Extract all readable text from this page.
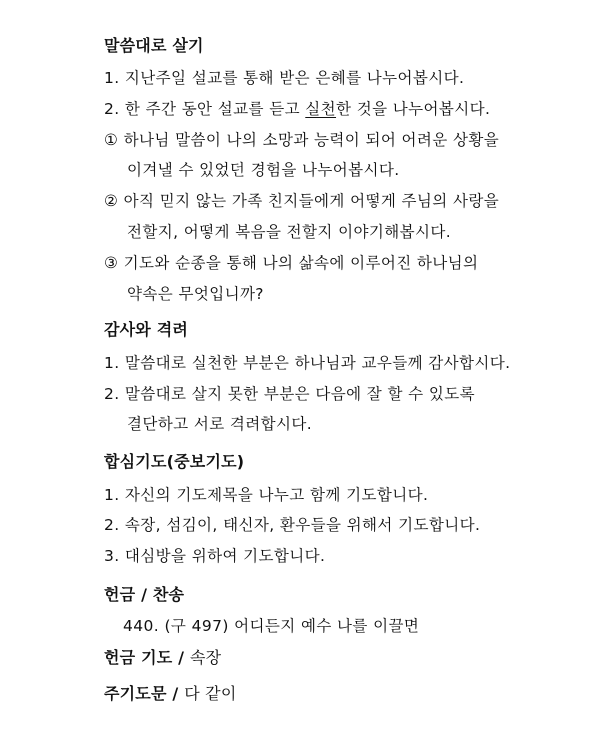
말씀대로 살기
1. 지난주일 설교를 통해 받은 은혜를 나누어봅시다.
2. 한 주간 동안 설교를 듣고 실천한 것을 나누어봅시다.
① 하나님 말씀이 나의 소망과 능력이 되어 어려운 상황을
이겨낼 수 있었던 경험을 나누어봅시다.
② 아직 믿지 않는 가족 친지들에게 어떻게 주님의 사랑을
전할지, 어떻게 복음을 전할지 이야기해봅시다.
③ 기도와 순종을 통해 나의 삶속에 이루어진 하나님의
약속은 무엇입니까?
감사와 격려
1. 말씀대로 실천한 부분은 하나님과 교우들께 감사합시다.
2. 말씀대로 살지 못한 부분은 다음에 잘 할 수 있도록
결단하고 서로 격려합시다.
합심기도(중보기도)
1. 자신의 기도제목을 나누고 함께 기도합니다.
2. 속장, 섬김이, 태신자, 환우들을 위해서 기도합니다.
3. 대심방을 위하여 기도합니다.
헌금 / 찬송
440. (구 497) 어디든지 예수 나를 이끌면
헌금 기도 / 속장
주기도문 / 다 같이
